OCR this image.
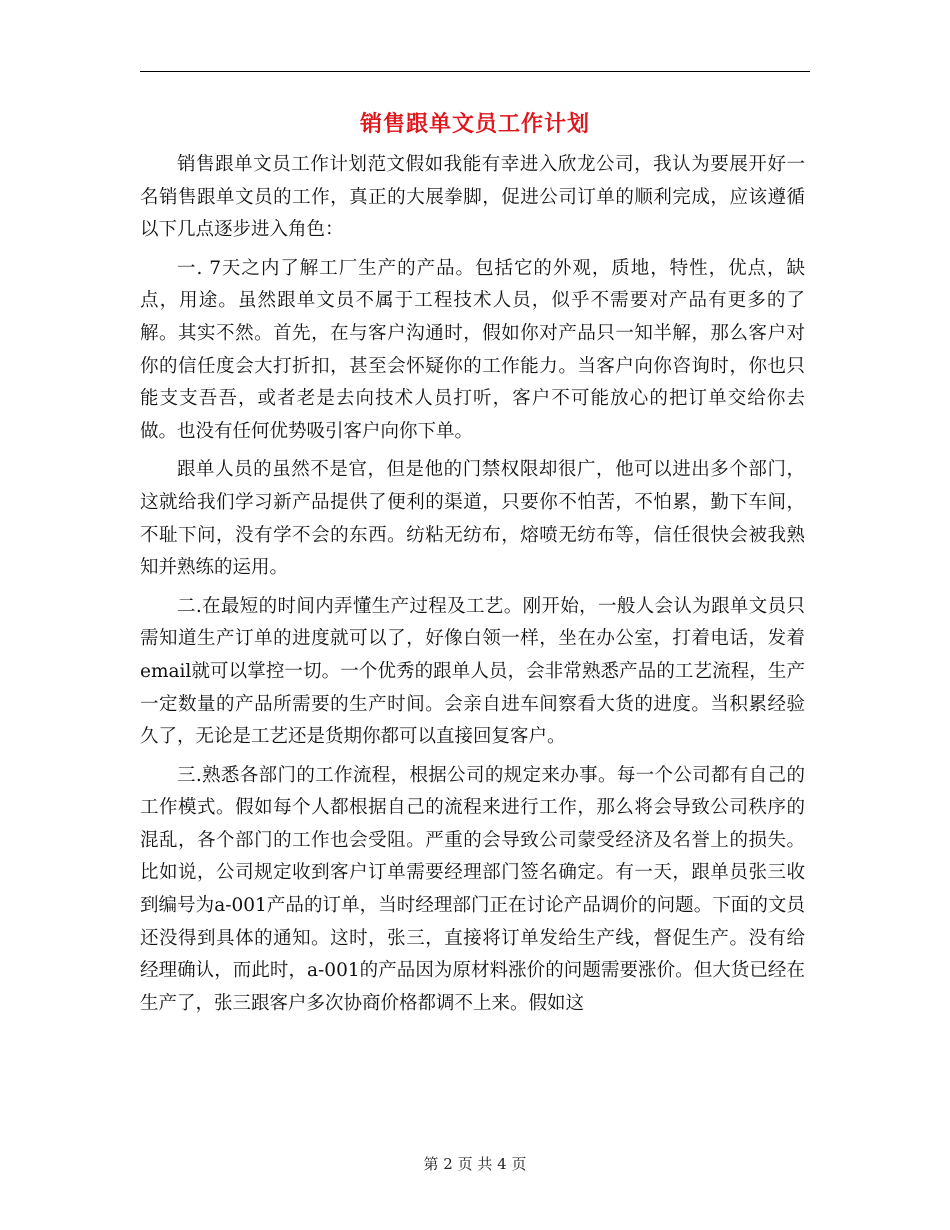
销售跟单文员工作计划

销售跟单文员工作计划范文假如我能有幸进入欣龙公司，我认为要展开好一名销售跟单文员的工作，真正的大展拳脚，促进公司订单的顺利完成，应该遵循以下几点逐步进入角色：

一. 7天之内了解工厂生产的产品。包括它的外观，质地，特性，优点，缺点，用途。虽然跟单文员不属于工程技术人员，似乎不需要对产品有更多的了解。其实不然。首先，在与客户沟通时，假如你对产品只一知半解，那么客户对你的信任度会大打折扣，甚至会怀疑你的工作能力。当客户向你咨询时，你也只能支支吾吾，或者老是去向技术人员打听，客户不可能放心的把订单交给你去做。也没有任何优势吸引客户向你下单。

跟单人员的虽然不是官，但是他的门禁权限却很广，他可以进出多个部门，这就给我们学习新产品提供了便利的渠道，只要你不怕苦，不怕累，勤下车间，不耻下问，没有学不会的东西。纺粘无纺布，熔喷无纺布等，信任很快会被我熟知并熟练的运用。

二.在最短的时间内弄懂生产过程及工艺。刚开始，一般人会认为跟单文员只需知道生产订单的进度就可以了，好像白领一样，坐在办公室，打着电话，发着email就可以掌控一切。一个优秀的跟单人员，会非常熟悉产品的工艺流程，生产一定数量的产品所需要的生产时间。会亲自进车间察看大货的进度。当积累经验久了，无论是工艺还是货期你都可以直接回复客户。

三.熟悉各部门的工作流程，根据公司的规定来办事。每一个公司都有自己的工作模式。假如每个人都根据自己的流程来进行工作，那么将会导致公司秩序的混乱，各个部门的工作也会受阻。严重的会导致公司蒙受经济及名誉上的损失。比如说，公司规定收到客户订单需要经理部门签名确定。有一天，跟单员张三收到编号为a-001产品的订单，当时经理部门正在讨论产品调价的问题。下面的文员还没得到具体的通知。这时，张三，直接将订单发给生产线，督促生产。没有给经理确认，而此时，a-001的产品因为原材料涨价的问题需要涨价。但大货已经在生产了，张三跟客户多次协商价格都调不上来。假如这

第 2 页 共 4 页
